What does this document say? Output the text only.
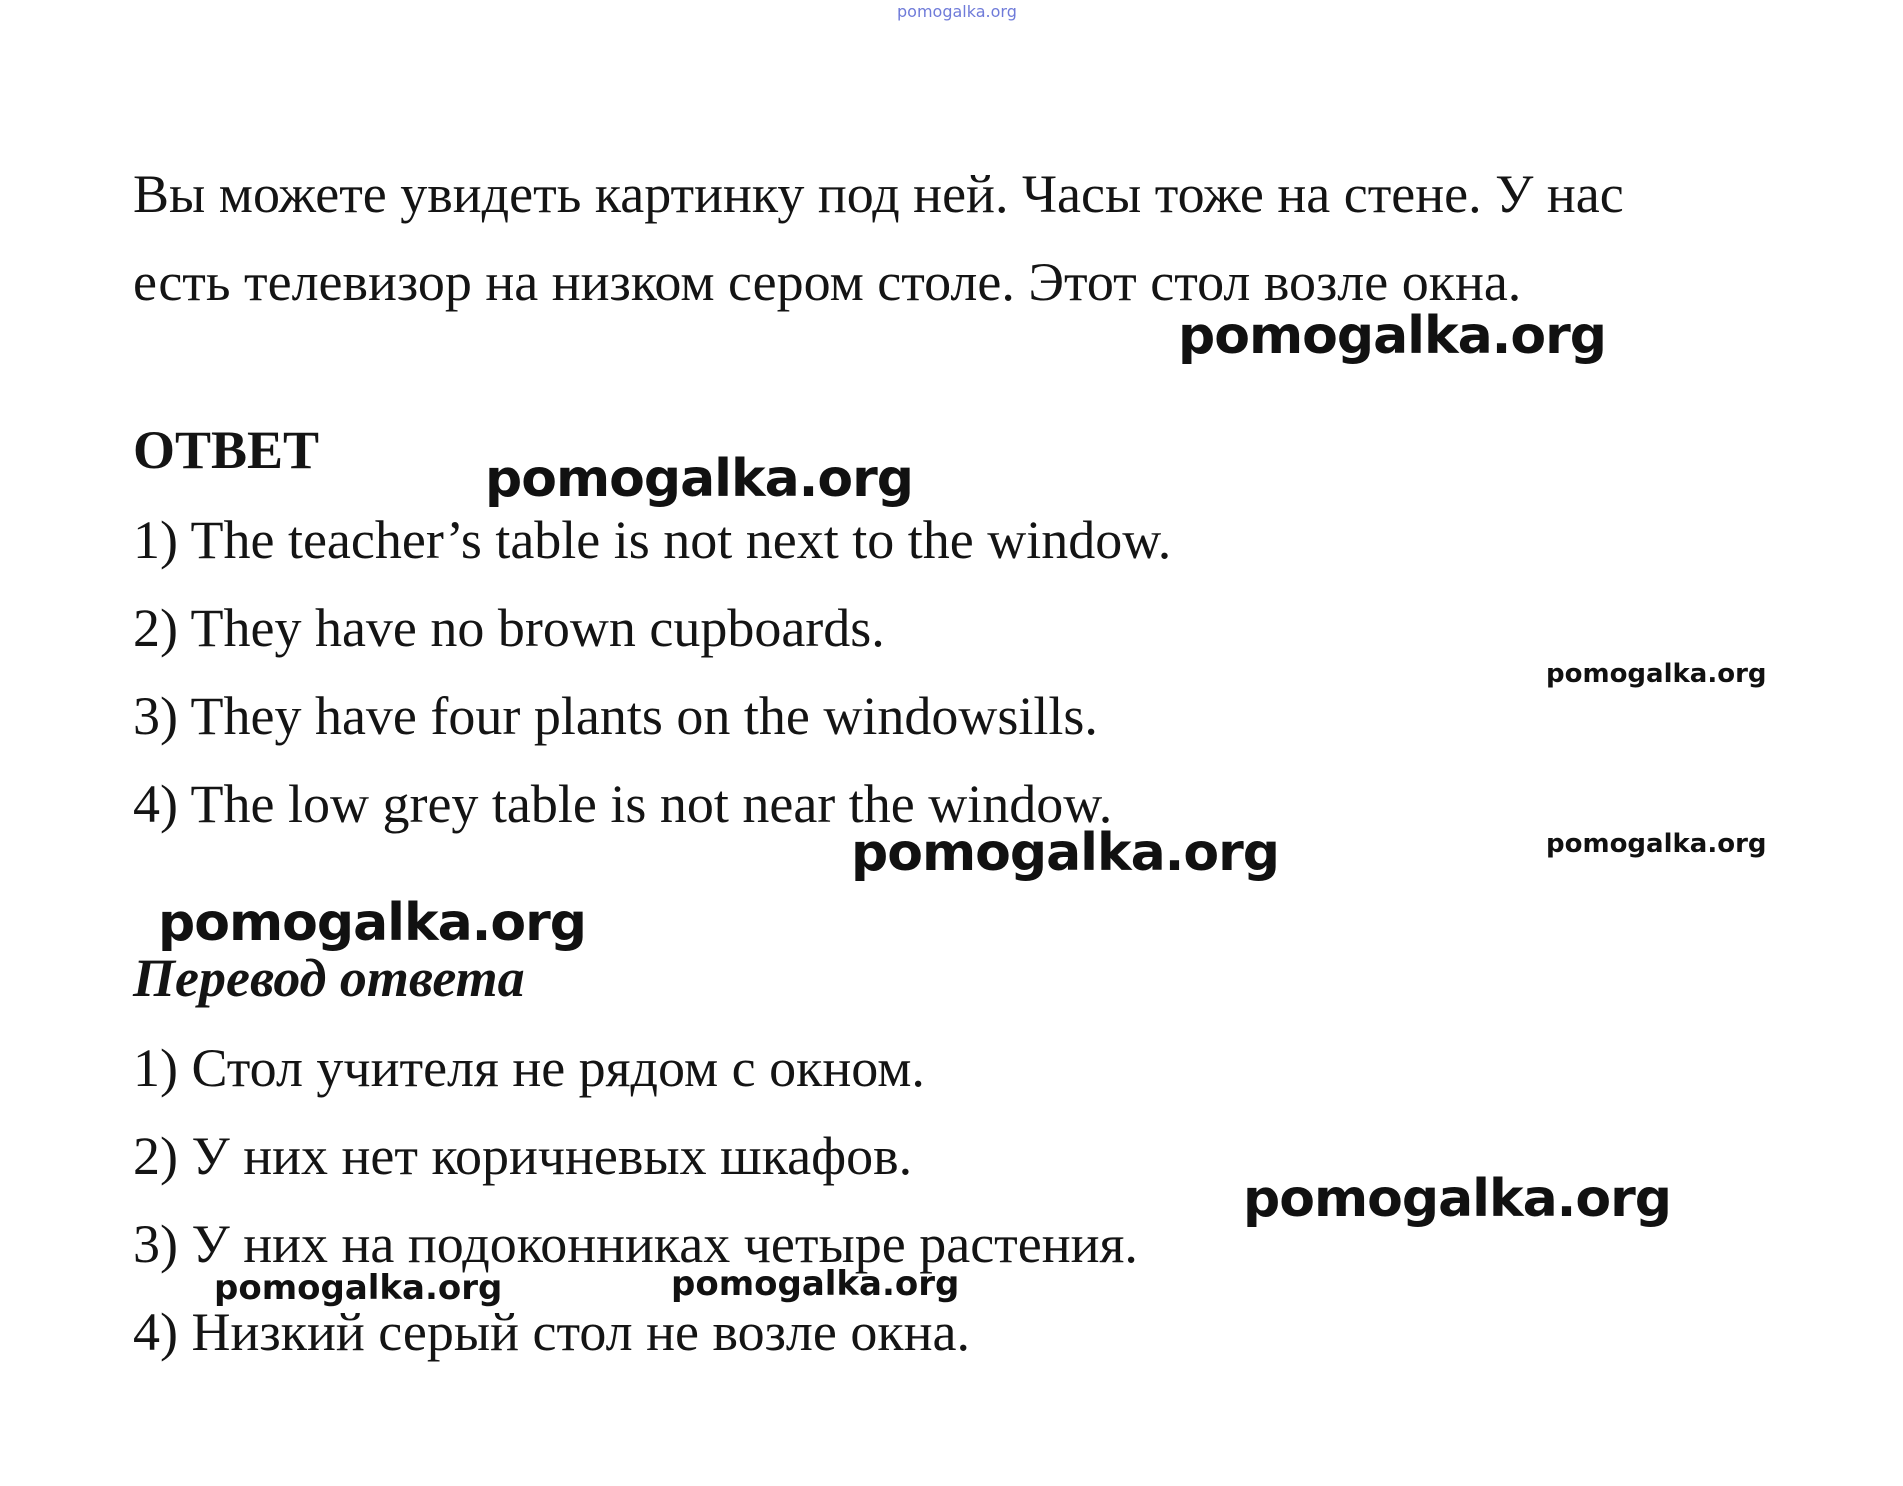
pomogalka.org

Вы можете увидеть картинку под ней. Часы тоже на стене. У нас
есть телевизор на низком сером столе. Этот стол возле окна.

ОТВЕТ
1) The teacher’s table is not next to the window.
2) They have no brown cupboards.
3) They have four plants on the windowsills.
4) The low grey table is not near the window.
Перевод ответа
1) Стол учителя не рядом с окном.
2) У них нет коричневых шкафов.
3) У них на подоконниках четыре растения.
4) Низкий серый стол не возле окна.
pomogalka.org
pomogalka.org
pomogalka.org
pomogalka.org	pomogalka.org
pomogalka.org
pomogalka.org
pomogalka.org	pomogalka.org
